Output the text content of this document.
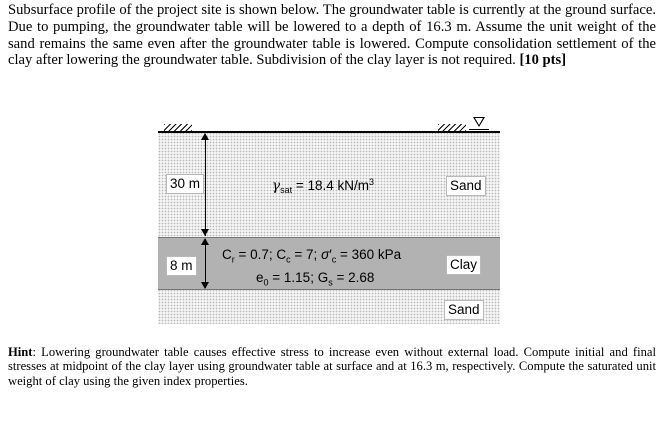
Subsurface profile of the project site is shown below. The groundwater table is currently at the ground surface. Due to pumping, the groundwater table will be lowered to a depth of 16.3 m. Assume the unit weight of the sand remains the same even after the groundwater table is lowered. Compute consolidation settlement of the clay after lowering the groundwater table. Subdivision of the clay layer is not required. [10 pts]
30 m	$\gamma_{sat} = 18.4$ $kN/m^3$	Sand
8 m
$C_r = 0.7$; $C_c = 7$; $\sigma'_c = 360$ kPa
$e_0 = 1.15$; $G_s = 2.68$
Clay
Sand
Hint: Lowering groundwater table causes effective stress to increase even without external load. Compute initial and final stresses at midpoint of the clay layer using groundwater table at surface and at 16.3 m, respectively. Compute the saturated unit weight of clay using the given index properties.
